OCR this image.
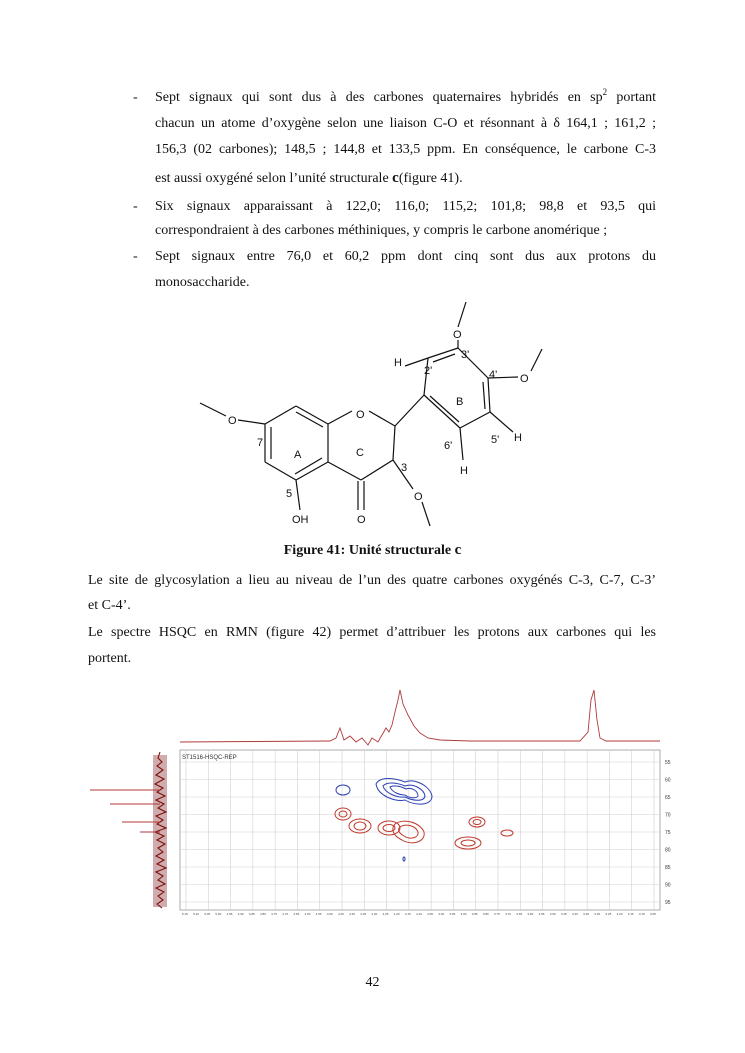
- Sept signaux qui sont dus à des carbones quaternaires hybridés en $sp^2$ portant
chacun un atome d’oxygène selon une liaison C-O et résonnant à δ 164,1 ; 161,2 ;
156,3 (02 carbones); 148,5 ; 144,8 et 133,5 ppm. En conséquence, le carbone C-3
est aussi oxygéné selon l’unité structurale c(figure 41).
- Six signaux apparaissant à 122,0; 116,0; 115,2; 101,8; 98,8 et 93,5 qui
correspondraient à des carbones méthiniques, y compris le carbone anomérique ;
- Sept signaux entre 76,0 et 60,2 ppm dont cinq sont dus aux protons du
monosaccharide.
O
O
O
O
O
O
OH
H
H
H
A	C
B
7
5
3
2'
3'
4'
5'
6'
Figure 41: Unité structurale c
Le site de glycosylation a lieu au niveau de l’un des quatre carbones oxygénés C-3, C-7, C-3’
et C-4’.
Le spectre HSQC en RMN (figure 42) permet d’attribuer les protons aux carbones qui les
portent.
ST1516-HSQC-REP
55
60
65
70
75
80
85
90
95
5.15 5.10 5.05 5.00 4.95 4.90 4.85 4.80 4.75 4.70 4.65 4.60 4.55 4.50 4.45 4.40 4.35 4.30 4.25 4.20 4.15 4.10 4.05 4.00 3.95 3.90 3.85 3.80 3.75 3.70 3.65 3.60 3.55 3.50 3.45 3.40 3.35 3.30 3.25 3.20 3.15 3.10 3.05
42
